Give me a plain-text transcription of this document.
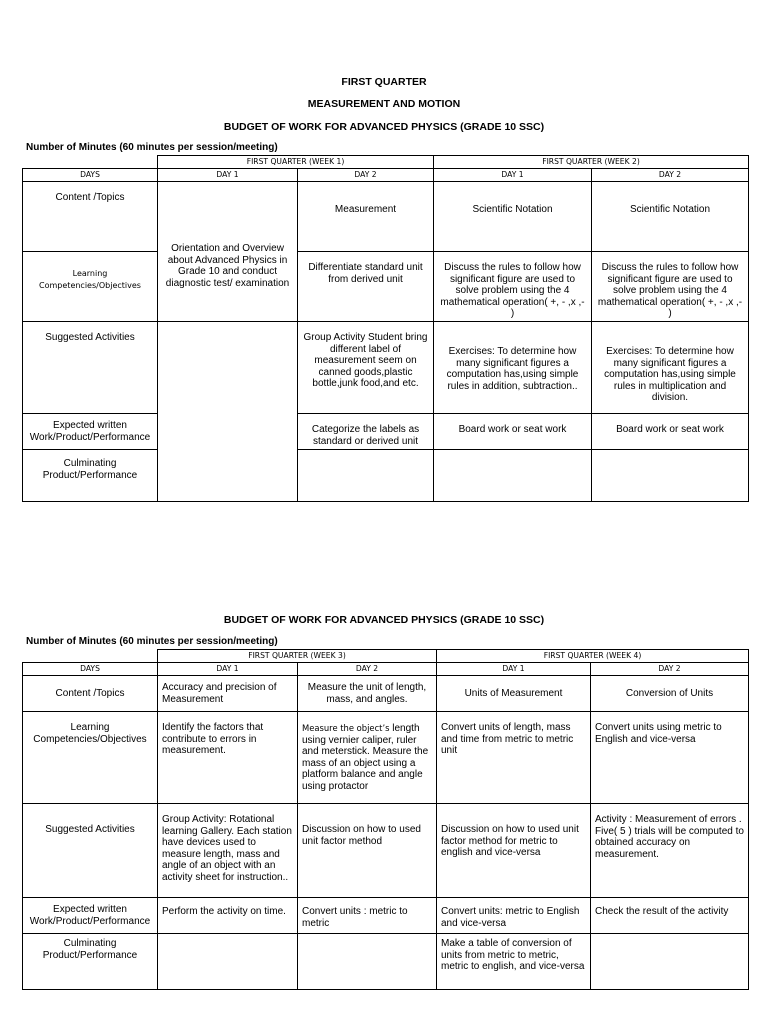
FIRST QUARTER
MEASUREMENT AND MOTION
BUDGET OF WORK FOR ADVANCED PHYSICS (GRADE 10 SSC)
Number of Minutes (60 minutes per session/meeting)
	FIRST QUARTER (WEEK 1)		FIRST QUARTER (WEEK 2)	
DAYS	DAY 1	DAY 2	DAY 1	DAY 2
Content /Topics	Orientation and Overview about Advanced Physics in Grade 10 and conduct diagnostic test/ examination	Measurement	Scientific Notation	Scientific Notation
Learning Competencies/Objectives		Differentiate standard unit from derived unit	Discuss the rules to follow how significant figure are used to solve problem using the 4 mathematical operation( +, - ,x ,- )	Discuss the rules to follow how significant figure are used to solve problem using the 4 mathematical operation( +, - ,x ,- )
Suggested Activities		Group Activity Student bring different label of measurement seem on canned goods,plastic bottle,junk food,and etc.	Exercises: To determine how many significant figures a computation has,using simple rules in addition, subtraction..	Exercises: To determine how many significant figures a computation has,using simple rules in multiplication and division.
Expected written Work/Product/Performance		Categorize the labels as standard or derived unit	Board work or seat work	Board work or seat work
Culminating Product/Performance				
BUDGET OF WORK FOR ADVANCED PHYSICS (GRADE 10 SSC)
Number of Minutes (60 minutes per session/meeting)
	FIRST QUARTER (WEEK 3)		FIRST QUARTER (WEEK 4)	
DAYS	DAY 1	DAY 2	DAY 1	DAY 2
Content /Topics	Accuracy and precision of Measurement	Measure the unit of length, mass, and angles.	Units of Measurement	Conversion of Units
Learning Competencies/Objectives	Identify the factors that contribute to errors in measurement.	Measure the object’s length using vernier caliper, ruler and meterstick. Measure the mass of an object using a platform balance and angle using protactor	Convert units of length, mass and time from metric to metric unit	Convert units using metric to English and vice-versa
Suggested Activities	Group Activity: Rotational learning Gallery. Each station have devices used to measure length, mass and angle of an object with an activity sheet for instruction..	Discussion on how to used unit factor method	Discussion on how to used unit factor method for metric to english and vice-versa	Activity : Measurement of errors . Five( 5 ) trials will be computed to obtained accuracy on measurement.
Expected written Work/Product/Performance	Perform the activity on time.	Convert units : metric to metric	Convert units: metric to English and vice-versa	Check the result of the activity
Culminating Product/Performance			Make a table of conversion of units from metric to metric, metric to english, and vice-versa	
